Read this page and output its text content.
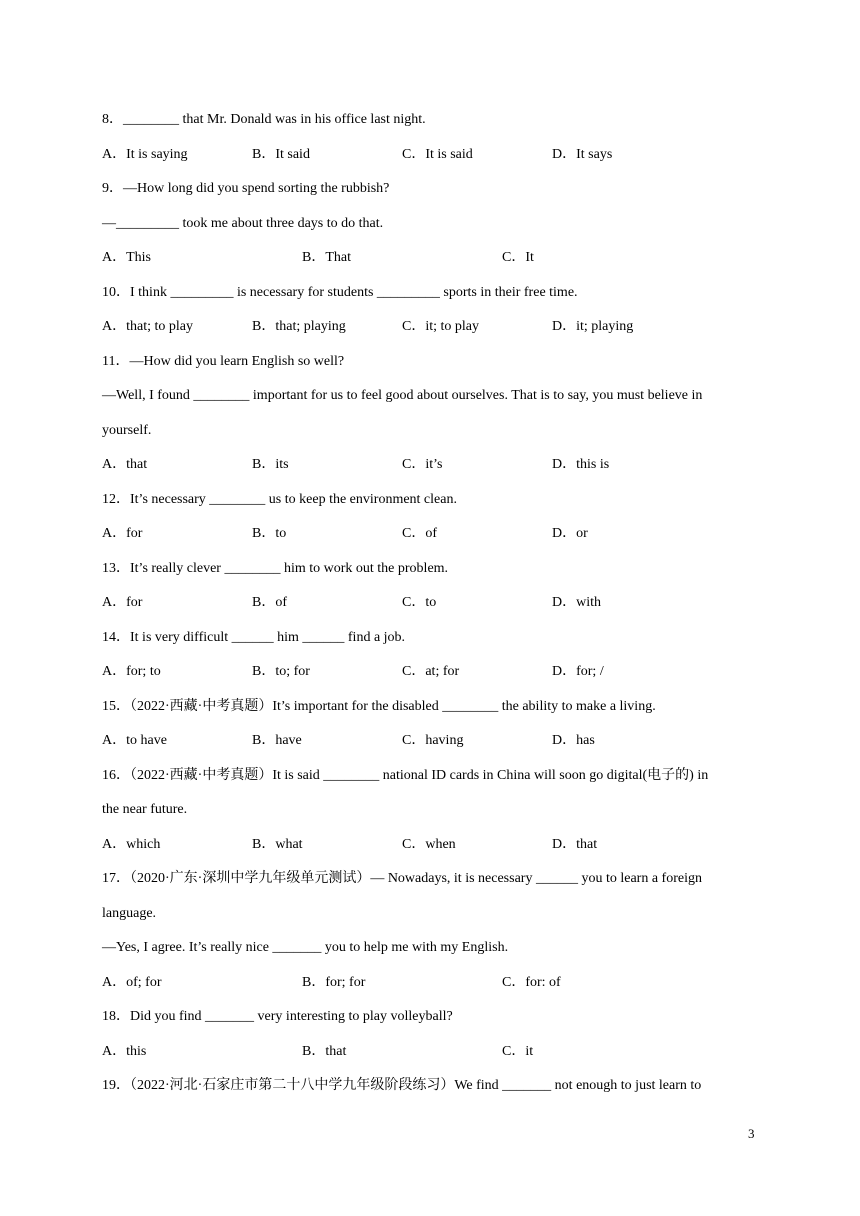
8．________ that Mr. Donald was in his office last night.
A．It is saying	B．It said	C．It is said	D．It says
9．—How long did you spend sorting the rubbish?
—_________ took me about three days to do that.
A．This	B．That	C．It
10．I think _________ is necessary for students _________ sports in their free time.
A．that; to play	B．that; playing	C．it; to play	D．it; playing
11．—How did you learn English so well?
—Well, I found ________ important for us to feel good about ourselves. That is to say, you must believe in
yourself.
A．that	B．its	C．it’s	D．this is
12．It’s necessary ________ us to keep the environment clean.
A．for	B．to	C．of	D．or
13．It’s really clever ________ him to work out the problem.
A．for	B．of	C．to	D．with
14．It is very difficult ______ him ______ find a job.
A．for; to	B．to; for	C．at; for	D．for; /
15．（2022·西藏·中考真题）It’s important for the disabled ________ the ability to make a living.
A．to have	B．have	C．having	D．has
16．（2022·西藏·中考真题）It is said ________ national ID cards in China will soon go digital(电子的) in
the near future.
A．which	B．what	C．when	D．that
17．（2020·广东·深圳中学九年级单元测试）— Nowadays, it is necessary ______ you to learn a foreign
language.
—Yes, I agree. It’s really nice _______ you to help me with my English.
A．of; for	B．for; for	C．for: of
18．Did you find _______ very interesting to play volleyball?
A．this	B．that	C．it
19．（2022·河北·石家庄市第二十八中学九年级阶段练习）We find _______ not enough to just learn to
3
